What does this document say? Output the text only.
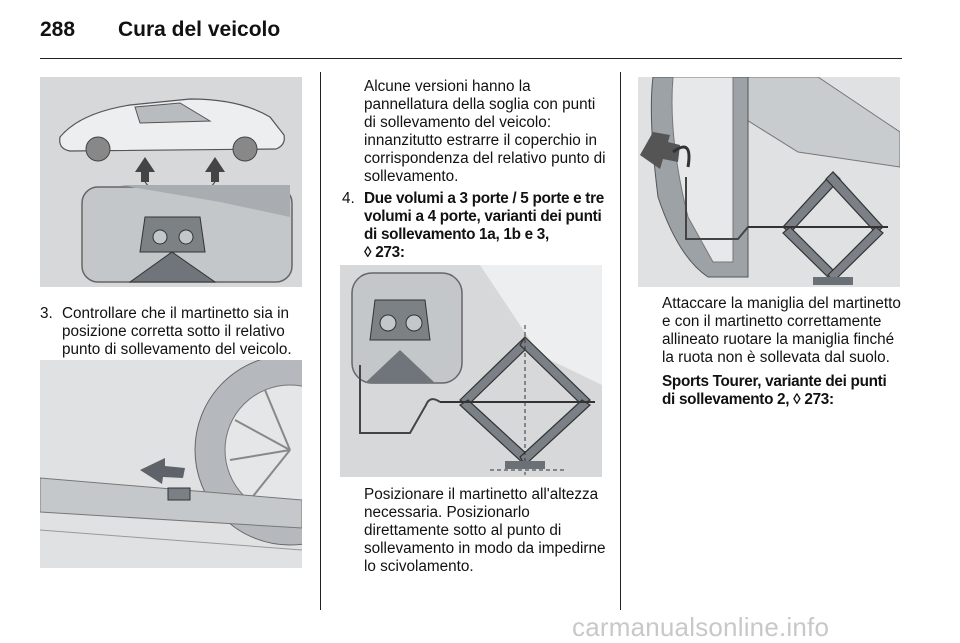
288 Cura del veicolo
3. Controllare che il martinetto sia in posizione corretta sotto il relativo punto di sollevamento del veicolo.

Alcune versioni hanno la pannellatura della soglia con punti di sollevamento del veicolo: innanzitutto estrarre il coperchio in corrispondenza del relativo punto di sollevamento.

4. Due volumi a 3 porte / 5 porte e tre volumi a 4 porte, varianti dei punti di sollevamento 1a, 1b e 3,
◊ 273:

Posizionare il martinetto all'altezza necessaria. Posizionarlo direttamente sotto al punto di sollevamento in modo da impedirne lo scivolamento.

Attaccare la maniglia del martinetto e con il martinetto correttamente allineato ruotare la maniglia finché la ruota non è sollevata dal suolo.

Sports Tourer, variante dei punti di sollevamento 2, ◊ 273:

carmanualsonline.info
